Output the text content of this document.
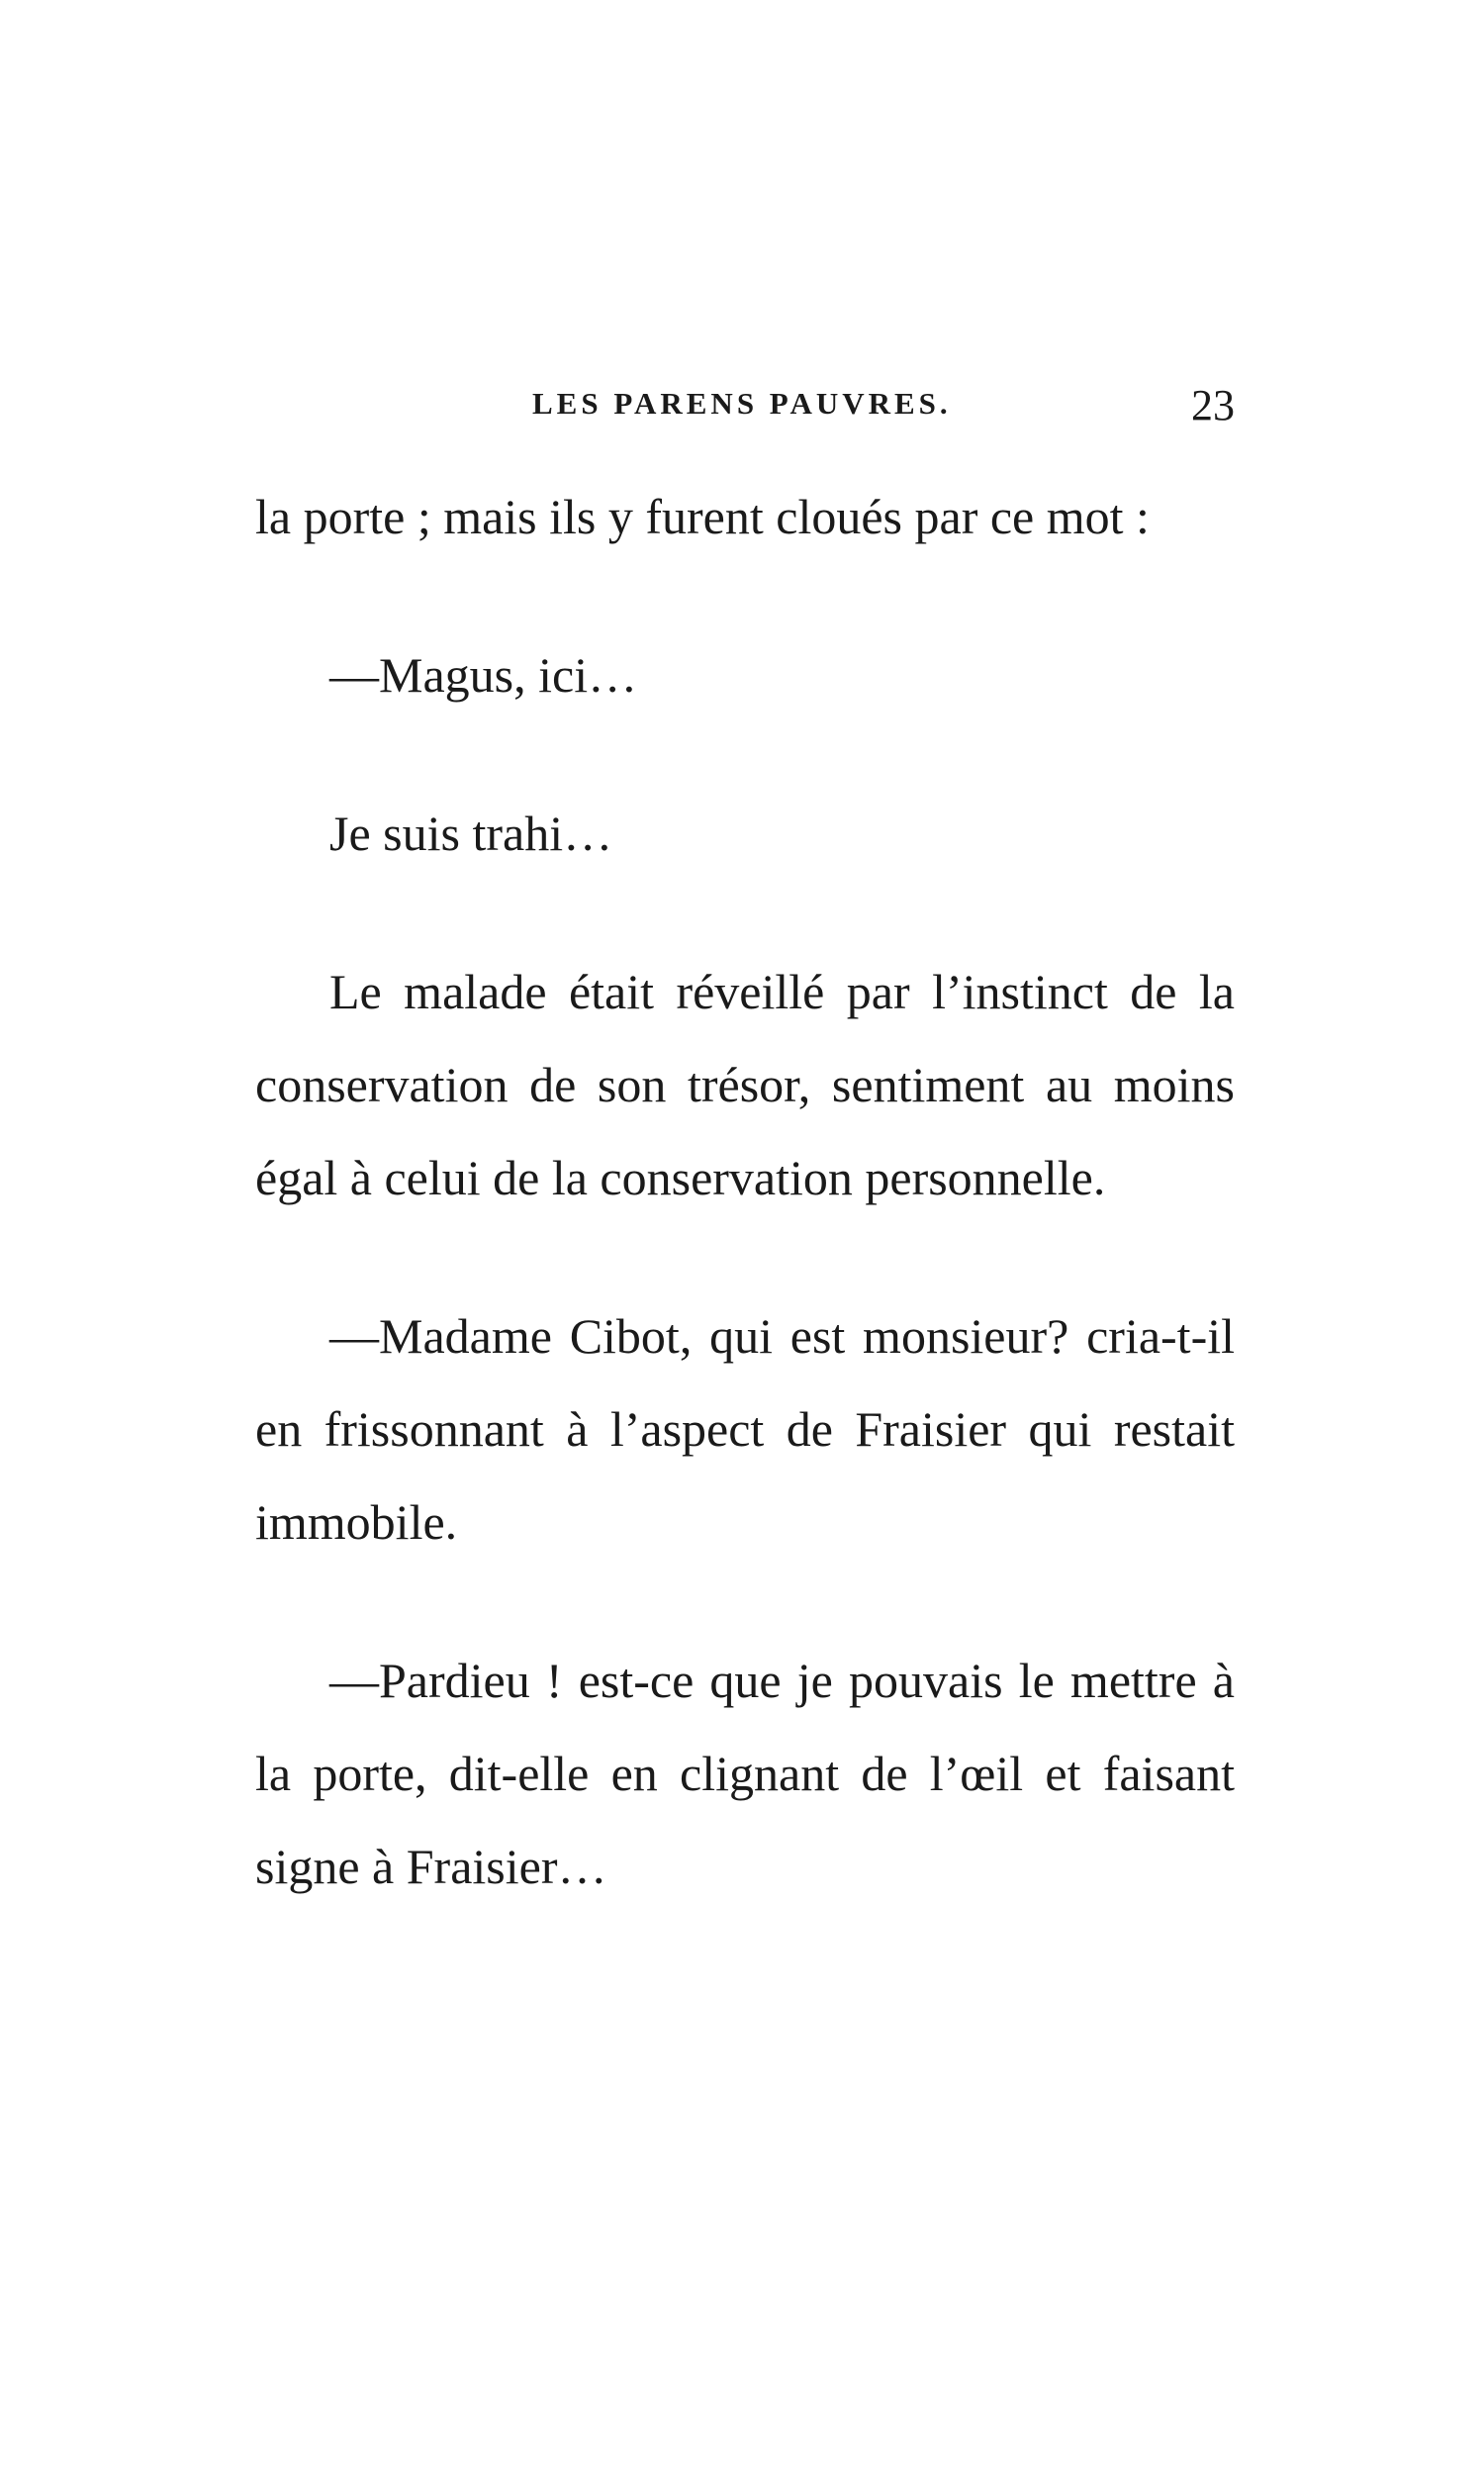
LES PARENS PAUVRES.	23

la porte ; mais ils y furent cloués par ce mot :

—Magus, ici…

Je suis trahi…

Le malade était réveillé par l’instinct de la conservation de son trésor, sentiment au moins égal à celui de la conservation personnelle.

—Madame Cibot, qui est monsieur? cria-t-il en frissonnant à l’aspect de Fraisier qui restait immobile.

—Pardieu ! est-ce que je pouvais le mettre à la porte, dit-elle en clignant de l’œil et faisant signe à Fraisier…
